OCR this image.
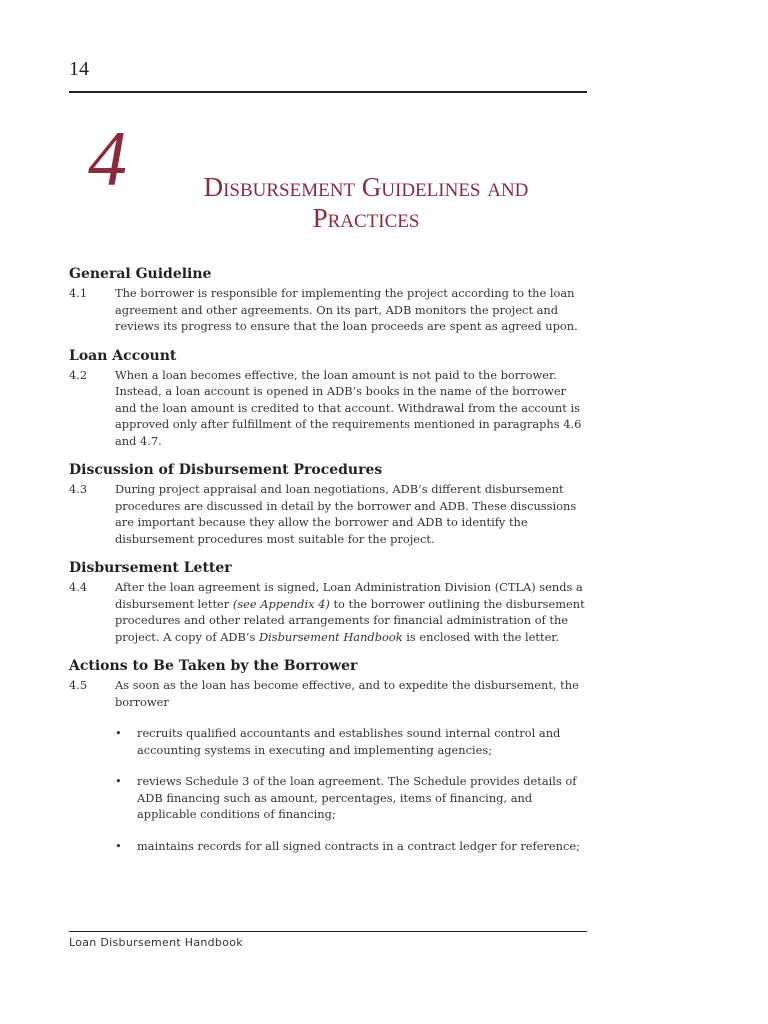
14
4	Disbursement Guidelines and
Practices
General Guideline
4.1	The borrower is responsible for implementing the project according to the loan agreement and other agreements. On its part, ADB monitors the project and reviews its progress to ensure that the loan proceeds are spent as agreed upon.
Loan Account
4.2	When a loan becomes effective, the loan amount is not paid to the borrower. Instead, a loan account is opened in ADB’s books in the name of the borrower and the loan amount is credited to that account. Withdrawal from the account is approved only after fulfillment of the requirements mentioned in paragraphs 4.6 and 4.7.
Discussion of Disbursement Procedures
4.3	During project appraisal and loan negotiations, ADB’s different disbursement procedures are discussed in detail by the borrower and ADB. These discussions are important because they allow the borrower and ADB to identify the disbursement procedures most suitable for the project.
Disbursement Letter
4.4	After the loan agreement is signed, Loan Administration Division (CTLA) sends a disbursement letter (see Appendix 4) to the borrower outlining the disbursement procedures and other related arrangements for financial administration of the project. A copy of ADB’s Disbursement Handbook is enclosed with the letter.
Actions to Be Taken by the Borrower
4.5	As soon as the loan has become effective, and to expedite the disbursement, the borrower
•	recruits qualified accountants and establishes sound internal control and accounting systems in executing and implementing agencies;
•	reviews Schedule 3 of the loan agreement. The Schedule provides details of ADB financing such as amount, percentages, items of financing, and applicable conditions of financing;
•	maintains records for all signed contracts in a contract ledger for reference;
Loan Disbursement Handbook
